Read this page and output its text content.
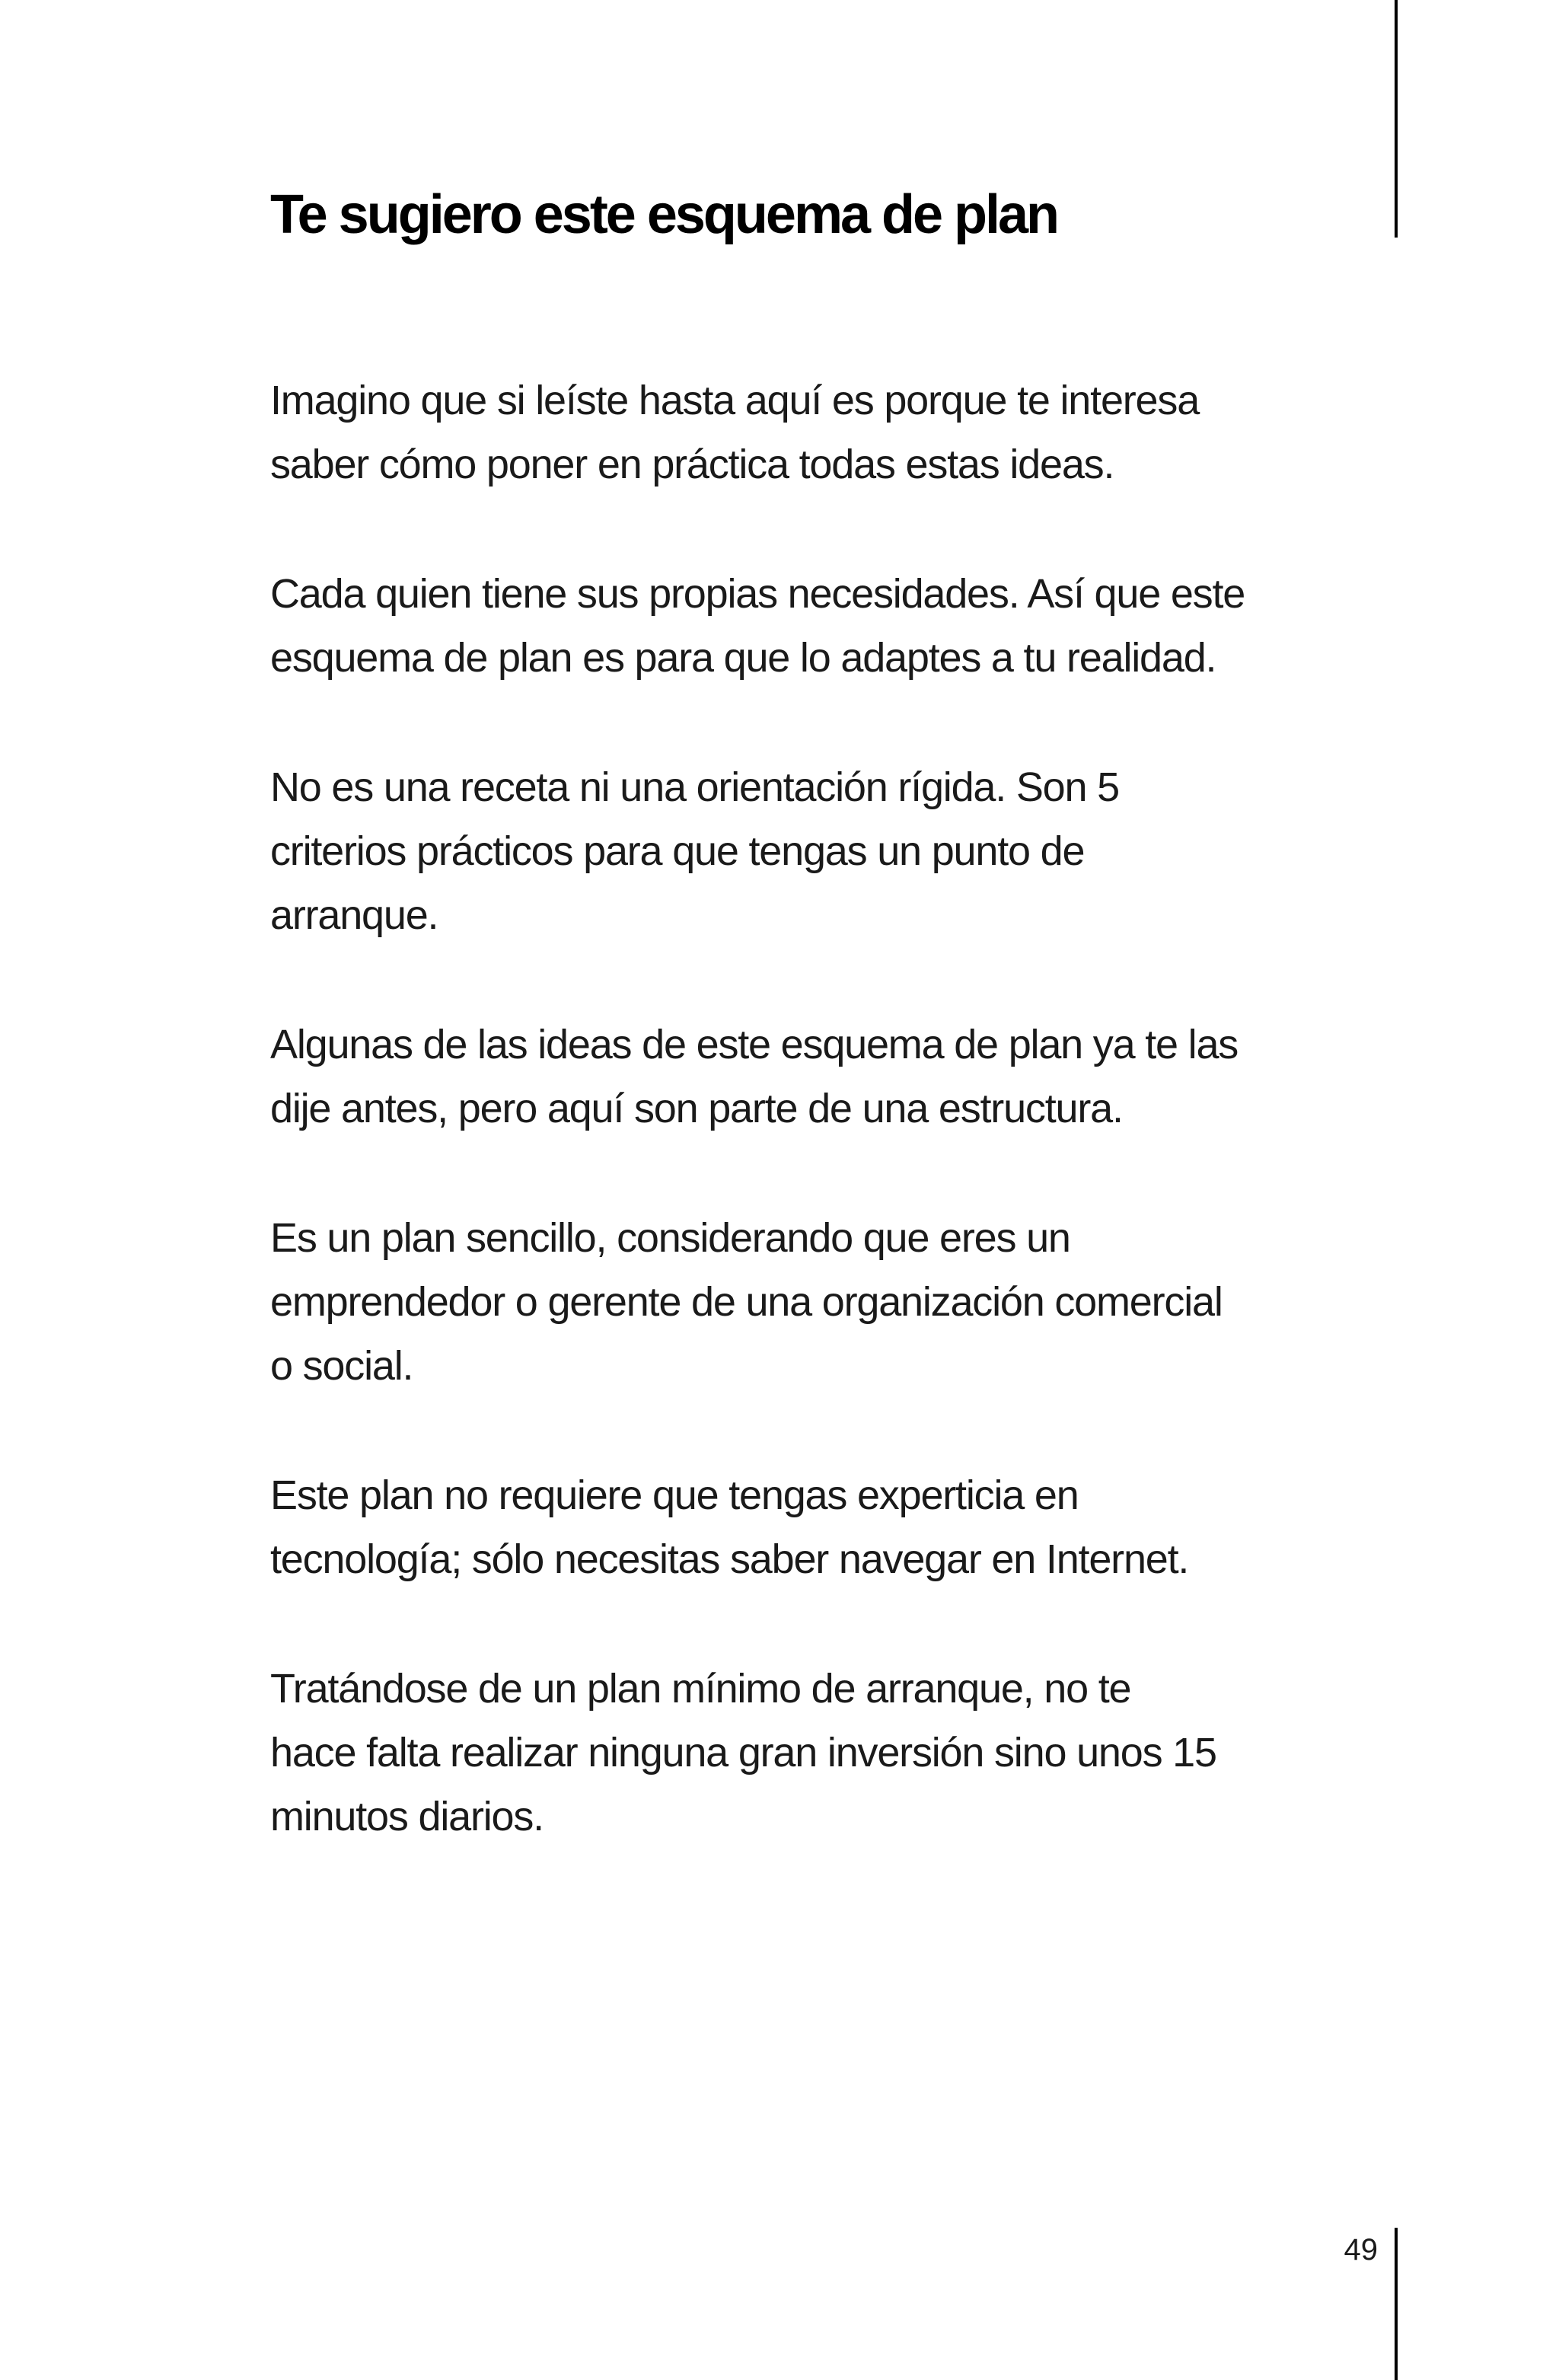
Te sugiero este esquema de plan

Imagino que si leíste hasta aquí es porque te interesa
saber cómo poner en práctica todas estas ideas.

Cada quien tiene sus propias necesidades. Así que este
esquema de plan es para que lo adaptes a tu realidad.

No es una receta ni una orientación rígida. Son 5
criterios prácticos para que tengas un punto de
arranque.

Algunas de las ideas de este esquema de plan ya te las
dije antes, pero aquí son parte de una estructura.

Es un plan sencillo, considerando que eres un
emprendedor o gerente de una organización comercial
o social.

Este plan no requiere que tengas experticia en
tecnología; sólo necesitas saber navegar en Internet.

Tratándose de un plan mínimo de arranque, no te
hace falta realizar ninguna gran inversión sino unos 15
minutos diarios.

49
